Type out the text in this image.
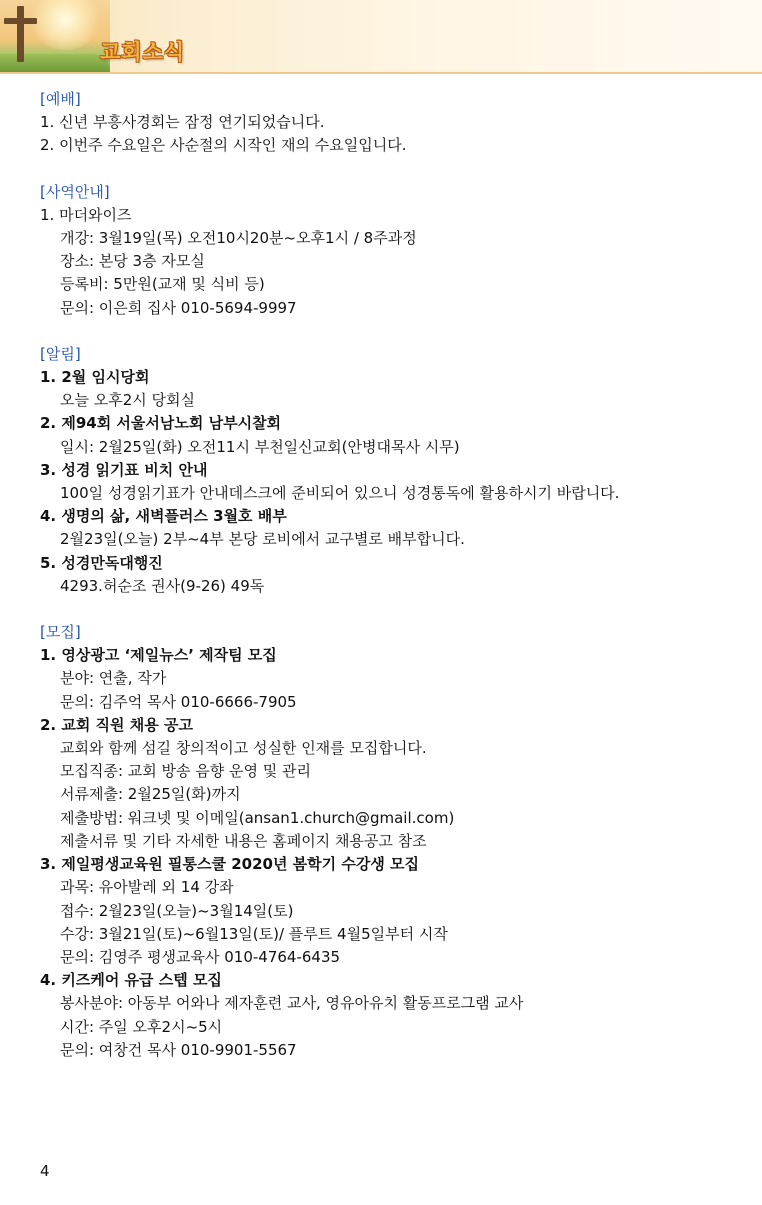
교회소식
[예배]
1. 신년 부흥사경회는 잠정 연기되었습니다.
2. 이번주 수요일은 사순절의 시작인 재의 수요일입니다.
[사역안내]
1. 마더와이즈
개강: 3월19일(목) 오전10시20분~오후1시 / 8주과정
장소: 본당 3층 자모실
등록비: 5만원(교재 및 식비 등)
문의: 이은희 집사 010-5694-9997
[알림]
1. 2월 임시당회
오늘 오후2시 당회실
2. 제94회 서울서남노회 남부시찰회
일시: 2월25일(화) 오전11시 부천일신교회(안병대목사 시무)
3. 성경 읽기표 비치 안내
100일 성경읽기표가 안내데스크에 준비되어 있으니 성경통독에 활용하시기 바랍니다.
4. 생명의 삶, 새벽플러스 3월호 배부
2월23일(오늘) 2부~4부 본당 로비에서 교구별로 배부합니다.
5. 성경만독대행진
4293.허순조 권사(9-26) 49독
[모집]
1. 영상광고 ‘제일뉴스’ 제작팀 모집
분야: 연출, 작가
문의: 김주억 목사 010-6666-7905
2. 교회 직원 채용 공고
교회와 함께 섬길 창의적이고 성실한 인재를 모집합니다.
모집직종: 교회 방송 음향 운영 및 관리
서류제출: 2월25일(화)까지
제출방법: 워크넷 및 이메일(ansan1.church@gmail.com)
제출서류 및 기타 자세한 내용은 홈페이지 채용공고 참조
3. 제일평생교육원 필통스쿨 2020년 봄학기 수강생 모집
과목: 유아발레 외 14 강좌
접수: 2월23일(오늘)~3월14일(토)
수강: 3월21일(토)~6월13일(토)/ 플루트 4월5일부터 시작
문의: 김영주 평생교육사 010-4764-6435
4. 키즈케어 유급 스텝 모집
봉사분야: 아동부 어와나 제자훈련 교사, 영유아유치 활동프로그램 교사
시간: 주일 오후2시~5시
문의: 여창건 목사 010-9901-5567
4
